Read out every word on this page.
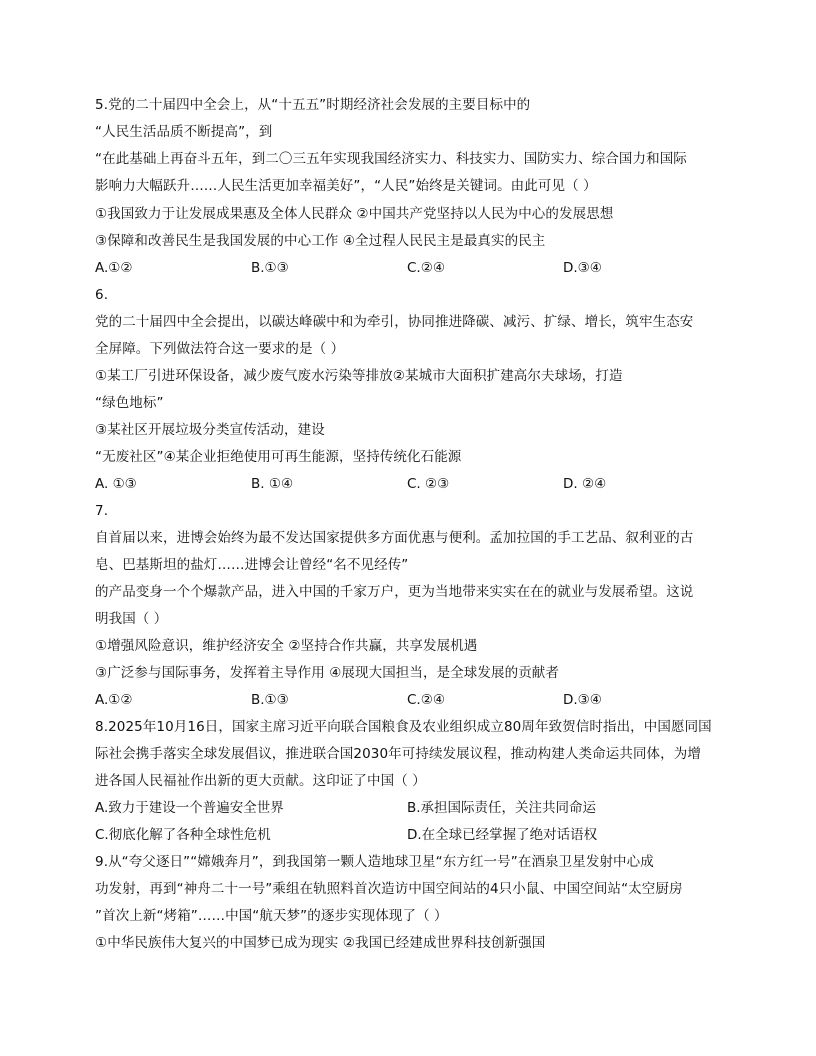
5.党的二十届四中全会上，从“十五五”时期经济社会发展的主要目标中的
“人民生活品质不断提高”，到
“在此基础上再奋斗五年，到二〇三五年实现我国经济实力、科技实力、国防实力、综合国力和国际
影响力大幅跃升……人民生活更加幸福美好”，“人民”始终是关键词。由此可见（ ）
①我国致力于让发展成果惠及全体人民群众 ②中国共产党坚持以人民为中心的发展思想
③保障和改善民生是我国发展的中心工作 ④全过程人民民主是最真实的民主
A.①②	B.①③	C.②④	D.③④
6.
党的二十届四中全会提出，以碳达峰碳中和为牵引，协同推进降碳、减污、扩绿、增长，筑牢生态安
全屏障。下列做法符合这一要求的是（ ）
①某工厂引进环保设备，减少废气废水污染等排放②某城市大面积扩建高尔夫球场，打造
“绿色地标”
③某社区开展垃圾分类宣传活动，建设
“无废社区”④某企业拒绝使用可再生能源，坚持传统化石能源
A. ①③	B. ①④	C. ②③	D. ②④
7.
自首届以来，进博会始终为最不发达国家提供多方面优惠与便利。孟加拉国的手工艺品、叙利亚的古
皂、巴基斯坦的盐灯……进博会让曾经“名不见经传”
的产品变身一个个爆款产品，进入中国的千家万户，更为当地带来实实在在的就业与发展希望。这说
明我国（ ）
①增强风险意识，维护经济安全 ②坚持合作共赢，共享发展机遇
③广泛参与国际事务，发挥着主导作用 ④展现大国担当，是全球发展的贡献者
A.①②	B.①③	C.②④	D.③④
8.2025年10月16日，国家主席习近平向联合国粮食及农业组织成立80周年致贺信时指出，中国愿同国
际社会携手落实全球发展倡议，推进联合国2030年可持续发展议程，推动构建人类命运共同体，为增
进各国人民福祉作出新的更大贡献。这印证了中国（ ）
A.致力于建设一个普遍安全世界	B.承担国际责任，关注共同命运
C.彻底化解了各种全球性危机	D.在全球已经掌握了绝对话语权
9.从“夸父逐日”“嫦娥奔月”，到我国第一颗人造地球卫星“东方红一号”在酒泉卫星发射中心成
功发射，再到“神舟二十一号”乘组在轨照料首次造访中国空间站的4只小鼠、中国空间站“太空厨房
”首次上新“烤箱”……中国“航天梦”的逐步实现体现了（ ）
①中华民族伟大复兴的中国梦已成为现实 ②我国已经建成世界科技创新强国
